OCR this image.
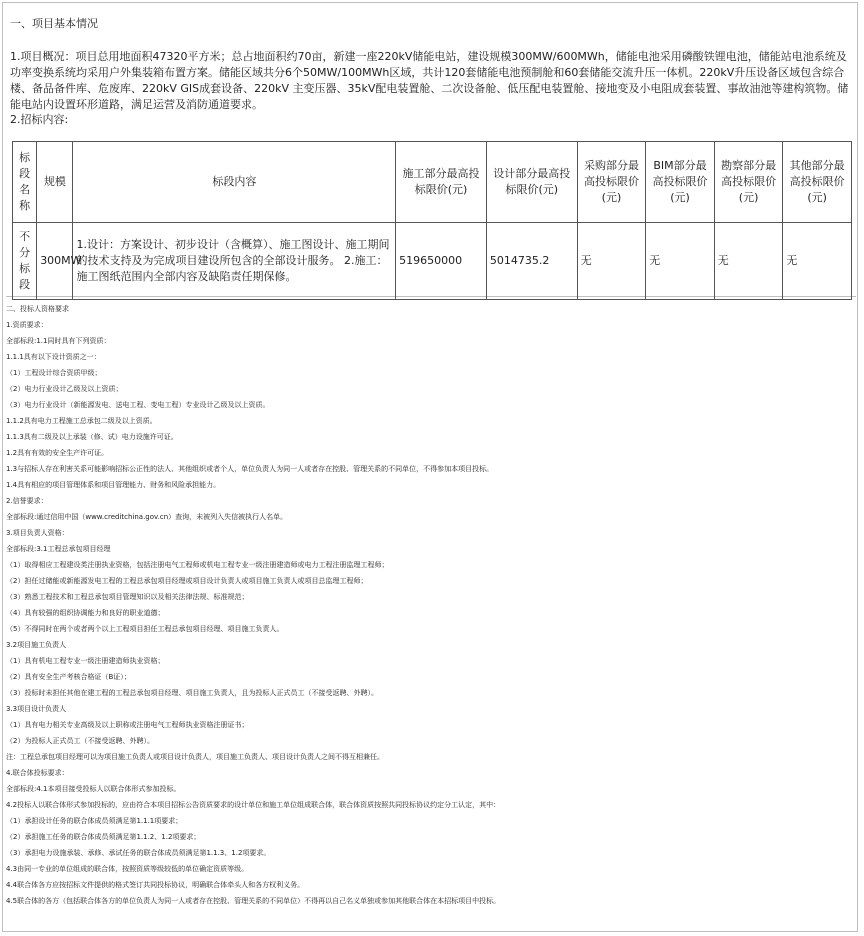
一、项目基本情况
1.项目概况：项目总用地面积47320平方米；总占地面积约70亩，新建一座220kV储能电站，建设规模300MW/600MWh，储能电池采用磷酸铁锂电池，储能站电池系统及功率变换系统均采用户外集装箱布置方案。储能区域共分6个50MW/100MWh区域，共计120套储能电池预制舱和60套储能交流升压一体机。220kV升压设备区域包含综合楼、备品备件库、危废库、220kV GIS成套设备、220kV 主变压器、35kV配电装置舱、二次设备舱、低压配电装置舱、接地变及小电阻成套装置、事故油池等建构筑物。储能电站内设置环形道路，满足运营及消防通道要求。
2.招标内容:
标段名称	规模	标段内容	施工部分最高投标限价(元)	设计部分最高投标限价(元)	采购部分最高投标限价(元)	BIM部分最高投标限价(元)	勘察部分最高投标限价(元)	其他部分最高投标限价(元)
不分标段	300MW	1.设计：方案设计、初步设计（含概算）、施工图设计、施工期间的技术支持及为完成项目建设所包含的全部设计服务。 2.施工：施工图纸范围内全部内容及缺陷责任期保修。	519650000	5014735.2	无	无	无	无
二、投标人资格要求
1.资质要求：
全部标段:1.1同时具有下列资质：
1.1.1具有以下设计资质之一：
（1）工程设计综合资质甲级；
（2）电力行业设计乙级及以上资质；
（3）电力行业设计（新能源发电、送电工程、变电工程）专业设计乙级及以上资质。
1.1.2具有电力工程施工总承包二级及以上资质。
1.1.3具有二级及以上承装（修、试）电力设施许可证。
1.2具有有效的安全生产许可证。
1.3与招标人存在利害关系可能影响招标公正性的法人、其他组织或者个人，单位负责人为同一人或者存在控股、管理关系的不同单位，不得参加本项目投标。
1.4具有相应的项目管理体系和项目管理能力、财务和风险承担能力。
2.信誉要求：
全部标段:通过信用中国（www.creditchina.gov.cn）查询，未被列入失信被执行人名单。
3.项目负责人资格：
全部标段:3.1工程总承包项目经理
（1）取得相应工程建设类注册执业资格，包括注册电气工程师或机电工程专业一级注册建造师或电力工程注册监理工程师；
（2）担任过储能或新能源发电工程的工程总承包项目经理或项目设计负责人或项目施工负责人或项目总监理工程师；
（3）熟悉工程技术和工程总承包项目管理知识以及相关法律法规、标准规范；
（4）具有较强的组织协调能力和良好的职业道德；
（5）不得同时在两个或者两个以上工程项目担任工程总承包项目经理、项目施工负责人。
3.2项目施工负责人
（1）具有机电工程专业一级注册建造师执业资格；
（2）具有安全生产考核合格证（B证）；
（3）投标时未担任其他在建工程的工程总承包项目经理、项目施工负责人，且为投标人正式员工（不接受返聘、外聘）。
3.3项目设计负责人
（1）具有电力相关专业高级及以上职称或注册电气工程师执业资格注册证书；
（2）为投标人正式员工（不接受返聘、外聘）。
注：工程总承包项目经理可以为项目施工负责人或项目设计负责人，项目施工负责人、项目设计负责人之间不得互相兼任。
4.联合体投标要求：
全部标段:4.1本项目接受投标人以联合体形式参加投标。
4.2投标人以联合体形式参加投标的，应由符合本项目招标公告资质要求的设计单位和施工单位组成联合体，联合体资质按照共同投标协议约定分工认定，其中：
（1）承担设计任务的联合体成员须满足第1.1.1项要求；
（2）承担施工任务的联合体成员须满足第1.1.2、1.2项要求；
（3）承担电力设施承装、承修、承试任务的联合体成员须满足第1.1.3、1.2项要求。
4.3由同一专业的单位组成的联合体，按照资质等级较低的单位确定资质等级。
4.4联合体各方应按招标文件提供的格式签订共同投标协议，明确联合体牵头人和各方权利义务。
4.5联合体的各方（包括联合体各方的单位负责人为同一人或者存在控股、管理关系的不同单位）不得再以自己名义单独或参加其他联合体在本招标项目中投标。
